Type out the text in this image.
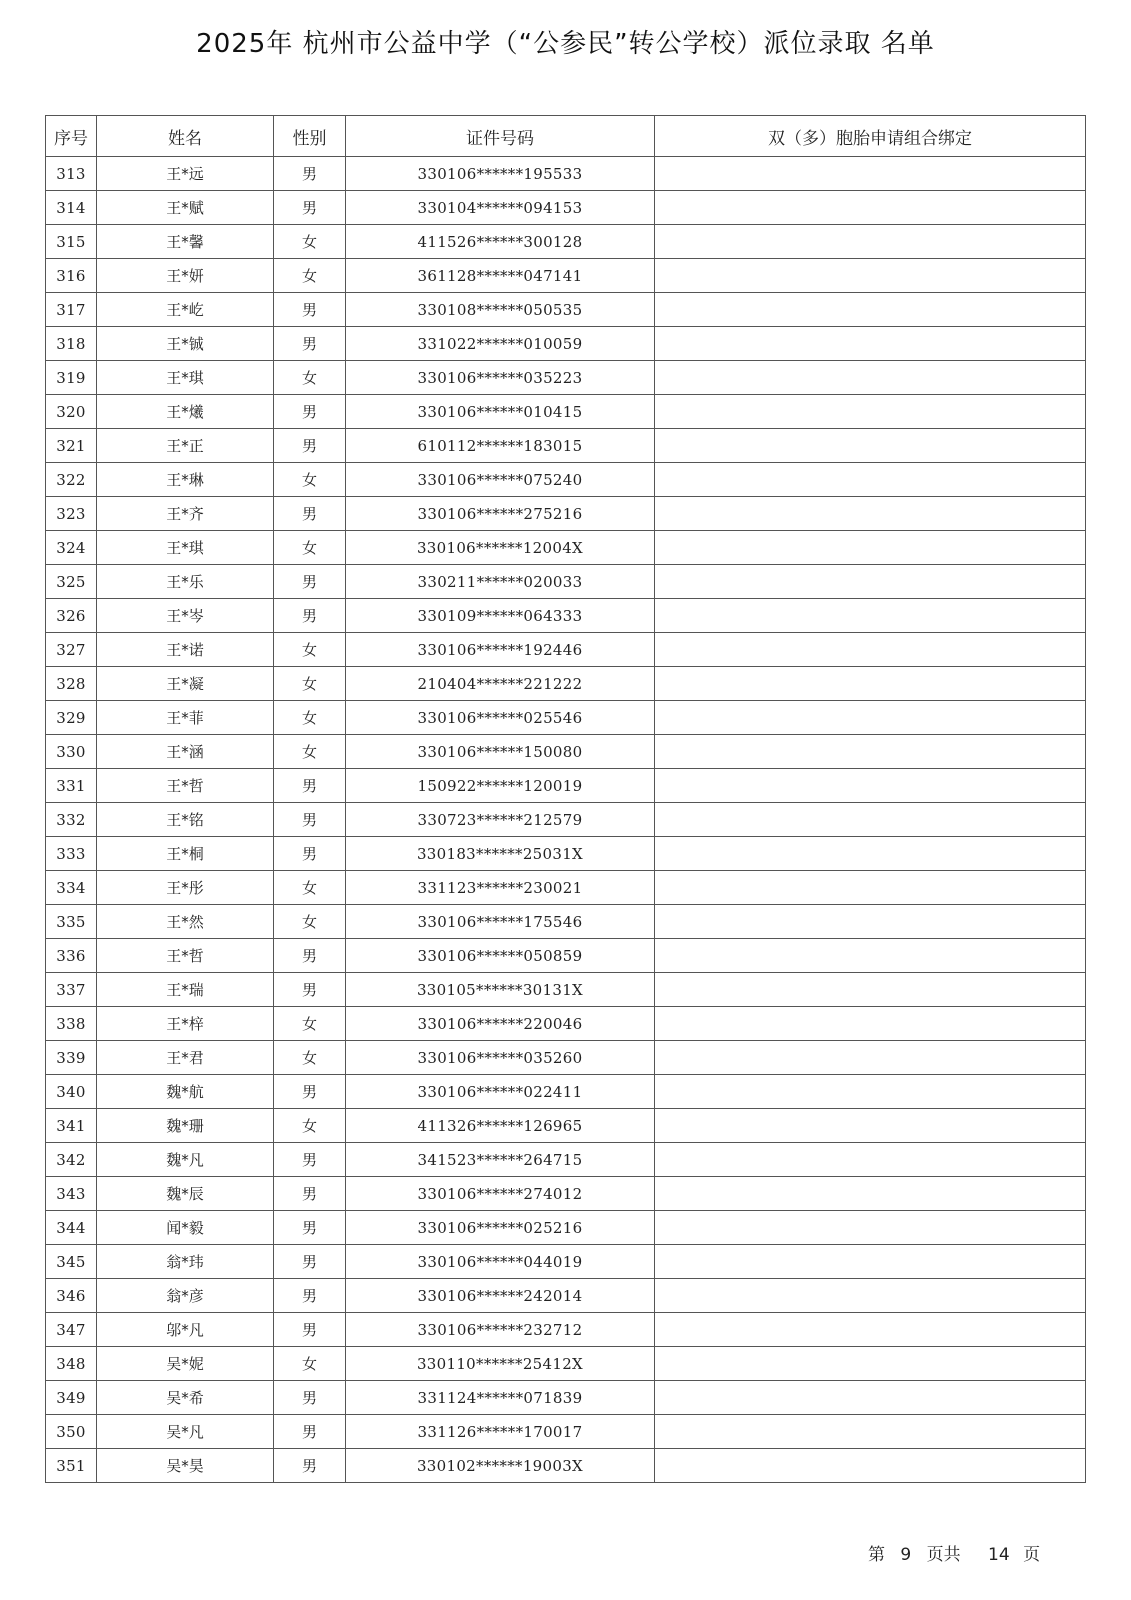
2025年 杭州市公益中学（“公参民”转公学校）派位录取 名单
序号	姓名	性别	证件号码	双（多）胞胎申请组合绑定
313	王*远	男	330106******195533	
314	王*赋	男	330104******094153	
315	王*馨	女	411526******300128	
316	王*妍	女	361128******047141	
317	王*屹	男	330108******050535	
318	王*铖	男	331022******010059	
319	王*琪	女	330106******035223	
320	王*爔	男	330106******010415	
321	王*正	男	610112******183015	
322	王*琳	女	330106******075240	
323	王*齐	男	330106******275216	
324	王*琪	女	330106******12004X	
325	王*乐	男	330211******020033	
326	王*岑	男	330109******064333	
327	王*诺	女	330106******192446	
328	王*凝	女	210404******221222	
329	王*菲	女	330106******025546	
330	王*涵	女	330106******150080	
331	王*哲	男	150922******120019	
332	王*铭	男	330723******212579	
333	王*桐	男	330183******25031X	
334	王*彤	女	331123******230021	
335	王*然	女	330106******175546	
336	王*哲	男	330106******050859	
337	王*瑞	男	330105******30131X	
338	王*梓	女	330106******220046	
339	王*君	女	330106******035260	
340	魏*航	男	330106******022411	
341	魏*珊	女	411326******126965	
342	魏*凡	男	341523******264715	
343	魏*辰	男	330106******274012	
344	闻*毅	男	330106******025216	
345	翁*玮	男	330106******044019	
346	翁*彦	男	330106******242014	
347	邬*凡	男	330106******232712	
348	吴*妮	女	330110******25412X	
349	吴*希	男	331124******071839	
350	吴*凡	男	331126******170017	
351	吴*昊	男	330102******19003X	
第 9 页共 14 页
